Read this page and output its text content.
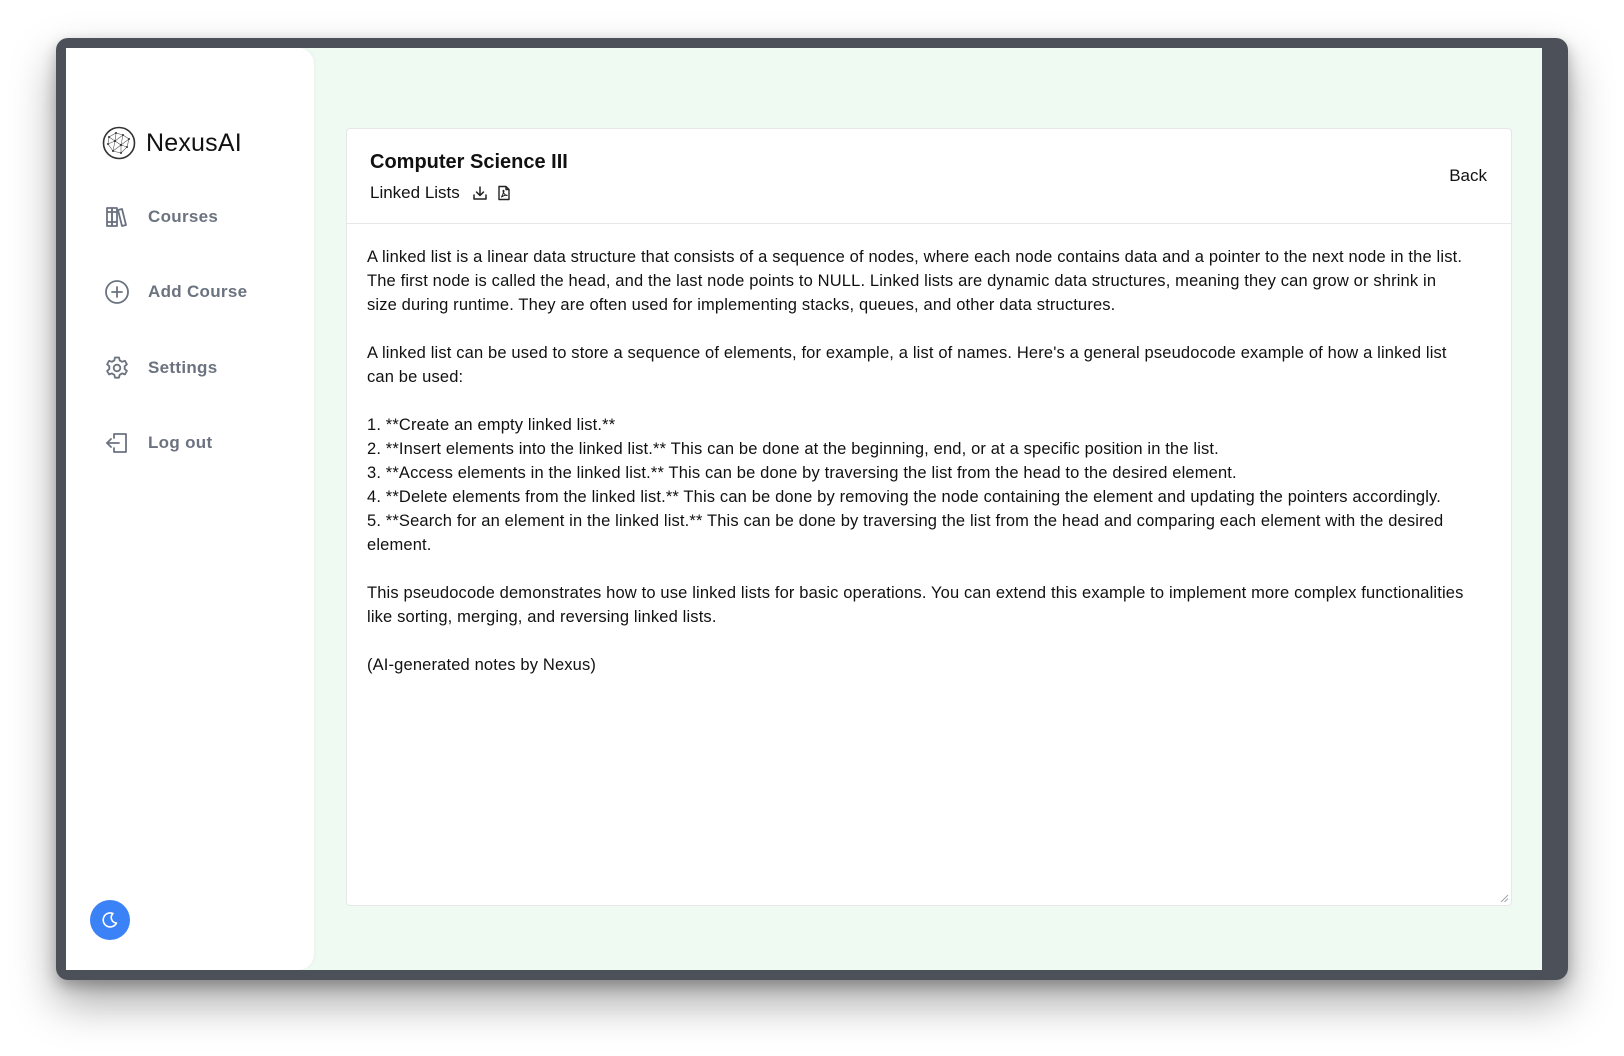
NexusAI
Courses
Add Course
Settings
Log out
Computer Science III
Linked Lists
Back
A linked list is a linear data structure that consists of a sequence of nodes, where each node contains data and a pointer to the next node in the list. The first node is called the head, and the last node points to NULL. Linked lists are dynamic data structures, meaning they can grow or shrink in size during runtime. They are often used for implementing stacks, queues, and other data structures.

A linked list can be used to store a sequence of elements, for example, a list of names. Here's a general pseudocode example of how a linked list can be used:

1. **Create an empty linked list.**
2. **Insert elements into the linked list.** This can be done at the beginning, end, or at a specific position in the list.
3. **Access elements in the linked list.** This can be done by traversing the list from the head to the desired element.
4. **Delete elements from the linked list.** This can be done by removing the node containing the element and updating the pointers accordingly.
5. **Search for an element in the linked list.** This can be done by traversing the list from the head and comparing each element with the desired element.

This pseudocode demonstrates how to use linked lists for basic operations. You can extend this example to implement more complex functionalities like sorting, merging, and reversing linked lists.

(AI-generated notes by Nexus)
